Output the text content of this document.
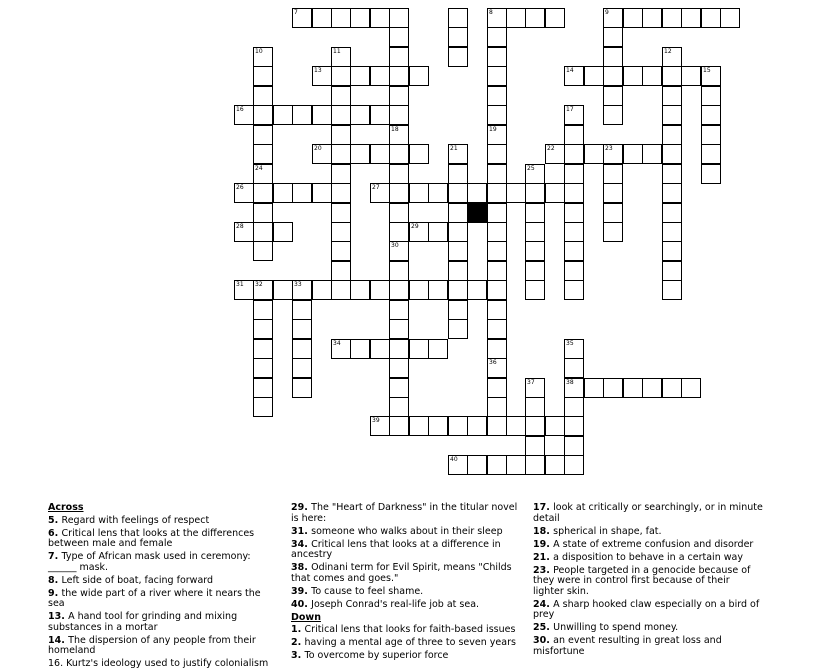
7	8	9
13	14
16
20	22	23
26	27
28	29
31 32	33
34
38
39
40
10	11	12
15
17
18	19
21
24	25
30
35
36
37
Across
5. Regard with feelings of respect
6. Critical lens that looks at the differences between male and female
7. Type of African mask used in ceremony: ______ mask.
8. Left side of boat, facing forward
9. the wide part of a river where it nears the sea
13. A hand tool for grinding and mixing substances in a mortar
14. The dispersion of any people from their homeland
16. Kurtz's ideology used to justify colonialism
29. The "Heart of Darkness" in the titular novel is here:
31. someone who walks about in their sleep
34. Critical lens that looks at a difference in ancestry
38. Odinani term for Evil Spirit, means "Childs that comes and goes."
39. To cause to feel shame.
40. Joseph Conrad's real-life job at sea.
Down
1. Critical lens that looks for faith-based issues
2. having a mental age of three to seven years
3. To overcome by superior force
17. look at critically or searchingly, or in minute detail
18. spherical in shape, fat.
19. A state of extreme confusion and disorder
21. a disposition to behave in a certain way
23. People targeted in a genocide because of they were in control first because of their lighter skin.
24. A sharp hooked claw especially on a bird of prey
25. Unwilling to spend money.
30. an event resulting in great loss and misfortune
